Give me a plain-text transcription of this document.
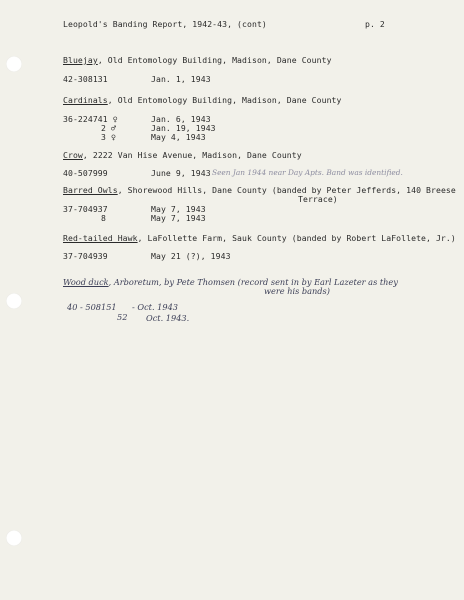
Leopold's Banding Report, 1942-43, (cont)	p. 2
Bluejay, Old Entomology Building, Madison, Dane County
42-308131	Jan. 1, 1943
Cardinals, Old Entomology Building, Madison, Dane County
36-224741 ♀	Jan. 6, 1943
2 ♂	Jan. 19, 1943
3 ♀	May 4, 1943
Crow, 2222 Van Hise Avenue, Madison, Dane County
40-507999	June 9, 1943 Seen Jan 1944 near Day Apts. Band was identified.
Barred Owls, Shorewood Hills, Dane County (banded by Peter Jefferds, 140 Breese
Terrace)
37-704937	May 7, 1943
8	May 7, 1943
Red-tailed Hawk, LaFollette Farm, Sauk County (banded by Robert LaFollete, Jr.)
37-704939	May 21 (?), 1943
Wood duck, Arboretum, by Pete Thomsen (record sent in by Earl Lazeter as they
were his bands)
40 - 508151 - Oct. 1943
52 Oct. 1943.
